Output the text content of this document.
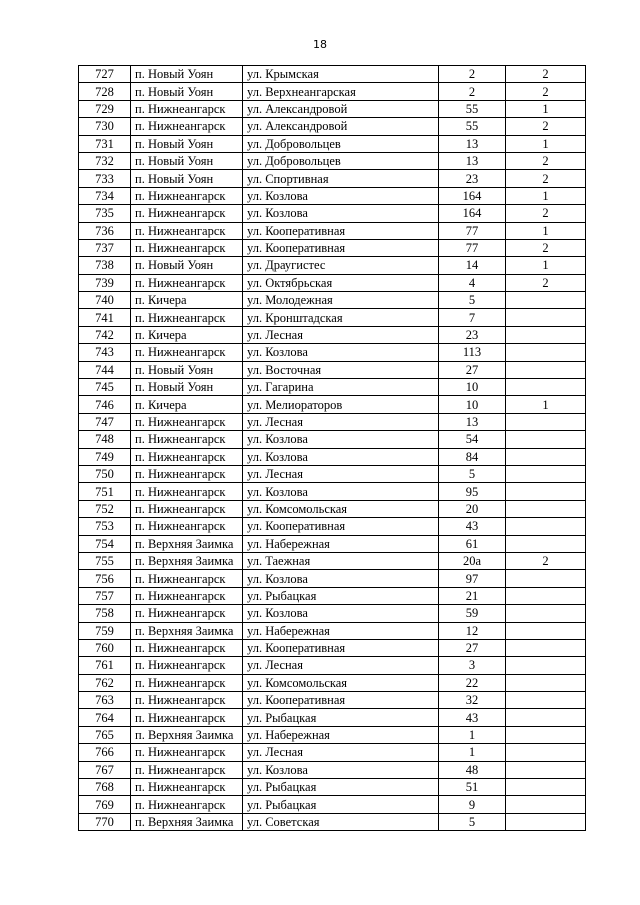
18
727	п. Новый Уоян	ул. Крымская	2	2
728	п. Новый Уоян	ул. Верхнеангарская	2	2
729	п. Нижнеангарск	ул. Александровой	55	1
730	п. Нижнеангарск	ул. Александровой	55	2
731	п. Новый Уоян	ул. Добровольцев	13	1
732	п. Новый Уоян	ул. Добровольцев	13	2
733	п. Новый Уоян	ул. Спортивная	23	2
734	п. Нижнеангарск	ул. Козлова	164	1
735	п. Нижнеангарск	ул. Козлова	164	2
736	п. Нижнеангарск	ул. Кооперативная	77	1
737	п. Нижнеангарск	ул. Кооперативная	77	2
738	п. Новый Уоян	ул. Драугистес	14	1
739	п. Нижнеангарск	ул. Октябрьская	4	2
740	п. Кичера	ул. Молодежная	5	
741	п. Нижнеангарск	ул. Кронштадская	7	
742	п. Кичера	ул. Лесная	23	
743	п. Нижнеангарск	ул. Козлова	113	
744	п. Новый Уоян	ул. Восточная	27	
745	п. Новый Уоян	ул. Гагарина	10	
746	п. Кичера	ул. Мелиораторов	10	1
747	п. Нижнеангарск	ул. Лесная	13	
748	п. Нижнеангарск	ул. Козлова	54	
749	п. Нижнеангарск	ул. Козлова	84	
750	п. Нижнеангарск	ул. Лесная	5	
751	п. Нижнеангарск	ул. Козлова	95	
752	п. Нижнеангарск	ул. Комсомольская	20	
753	п. Нижнеангарск	ул. Кооперативная	43	
754	п. Верхняя Заимка	ул. Набережная	61	
755	п. Верхняя Заимка	ул. Таежная	20а	2
756	п. Нижнеангарск	ул. Козлова	97	
757	п. Нижнеангарск	ул. Рыбацкая	21	
758	п. Нижнеангарск	ул. Козлова	59	
759	п. Верхняя Заимка	ул. Набережная	12	
760	п. Нижнеангарск	ул. Кооперативная	27	
761	п. Нижнеангарск	ул. Лесная	3	
762	п. Нижнеангарск	ул. Комсомольская	22	
763	п. Нижнеангарск	ул. Кооперативная	32	
764	п. Нижнеангарск	ул. Рыбацкая	43	
765	п. Верхняя Заимка	ул. Набережная	1	
766	п. Нижнеангарск	ул. Лесная	1	
767	п. Нижнеангарск	ул. Козлова	48	
768	п. Нижнеангарск	ул. Рыбацкая	51	
769	п. Нижнеангарск	ул. Рыбацкая	9	
770	п. Верхняя Заимка	ул. Советская	5	
